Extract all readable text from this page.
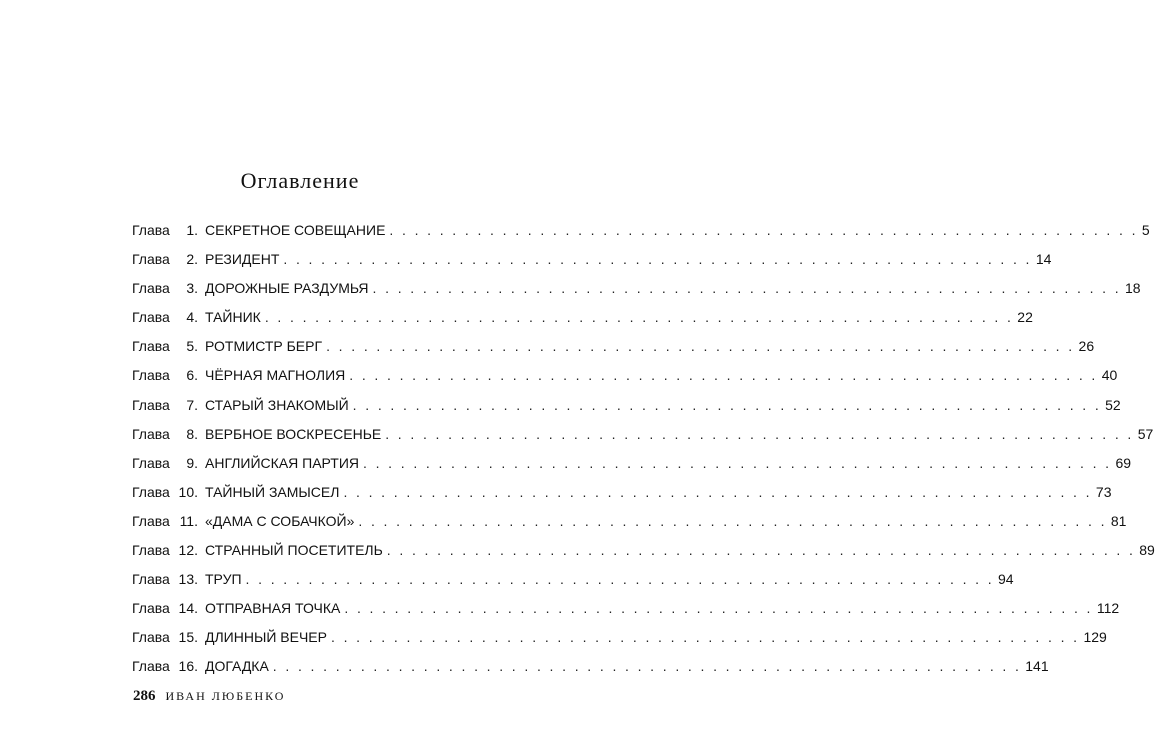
Оглавление
Глава	1. СЕКРЕТНОЕ СОВЕЩАНИЕ . . . . . . . . . . . . . . . . . . . . . . . . . . . . . . . . . . . . . . . . . . . . . . . . . . . . . . . . . . . . 5
Глава	2. РЕЗИДЕНТ . . . . . . . . . . . . . . . . . . . . . . . . . . . . . . . . . . . . . . . . . . . . . . . . . . . . . . . . . . . . 14
Глава	3. ДОРОЖНЫЕ РАЗДУМЬЯ . . . . . . . . . . . . . . . . . . . . . . . . . . . . . . . . . . . . . . . . . . . . . . . . . . . . . . . . . . . . 18
Глава	4. ТАЙНИК . . . . . . . . . . . . . . . . . . . . . . . . . . . . . . . . . . . . . . . . . . . . . . . . . . . . . . . . . . . . 22
Глава	5. РОТМИСТР БЕРГ . . . . . . . . . . . . . . . . . . . . . . . . . . . . . . . . . . . . . . . . . . . . . . . . . . . . . . . . . . . . 26
Глава	6. ЧЁРНАЯ МАГНОЛИЯ . . . . . . . . . . . . . . . . . . . . . . . . . . . . . . . . . . . . . . . . . . . . . . . . . . . . . . . . . . . . 40
Глава	7. СТАРЫЙ ЗНАКОМЫЙ . . . . . . . . . . . . . . . . . . . . . . . . . . . . . . . . . . . . . . . . . . . . . . . . . . . . . . . . . . . . 52
Глава	8. ВЕРБНОЕ ВОСКРЕСЕНЬЕ . . . . . . . . . . . . . . . . . . . . . . . . . . . . . . . . . . . . . . . . . . . . . . . . . . . . . . . . . . . . 57
Глава	9. АНГЛИЙСКАЯ ПАРТИЯ . . . . . . . . . . . . . . . . . . . . . . . . . . . . . . . . . . . . . . . . . . . . . . . . . . . . . . . . . . . . 69
Глава 10. ТАЙНЫЙ ЗАМЫСЕЛ . . . . . . . . . . . . . . . . . . . . . . . . . . . . . . . . . . . . . . . . . . . . . . . . . . . . . . . . . . . . 73
Глава 11. «ДАМА С СОБАЧКОЙ» . . . . . . . . . . . . . . . . . . . . . . . . . . . . . . . . . . . . . . . . . . . . . . . . . . . . . . . . . . . . 81
Глава 12. СТРАННЫЙ ПОСЕТИТЕЛЬ . . . . . . . . . . . . . . . . . . . . . . . . . . . . . . . . . . . . . . . . . . . . . . . . . . . . . . . . . . . . 89
Глава 13. ТРУП . . . . . . . . . . . . . . . . . . . . . . . . . . . . . . . . . . . . . . . . . . . . . . . . . . . . . . . . . . . . 94
Глава 14. ОТПРАВНАЯ ТОЧКА . . . . . . . . . . . . . . . . . . . . . . . . . . . . . . . . . . . . . . . . . . . . . . . . . . . . . . . . . . . . 112
Глава 15. ДЛИННЫЙ ВЕЧЕР . . . . . . . . . . . . . . . . . . . . . . . . . . . . . . . . . . . . . . . . . . . . . . . . . . . . . . . . . . . . 129
Глава 16. ДОГАДКА . . . . . . . . . . . . . . . . . . . . . . . . . . . . . . . . . . . . . . . . . . . . . . . . . . . . . . . . . . . . 141
286 ИВАН ЛЮБЕНКО
